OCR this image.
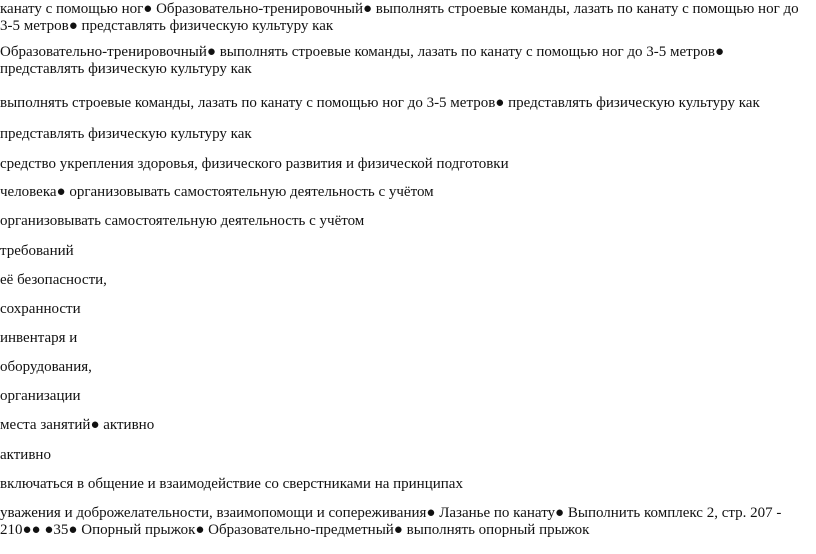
канату с помощью ног● Образовательно-тренировочный● выполнять строевые команды, лазать по канату с помощью ног до 3-5 метров● представлять физическую культуру как

Образовательно-тренировочный● выполнять строевые команды, лазать по канату с помощью ног до 3-5 метров● представлять физическую культуру как

выполнять строевые команды, лазать по канату с помощью ног до 3-5 метров● представлять физическую культуру как

представлять физическую культуру как

средство укрепления здоровья, физического развития и физической подготовки

человека● организовывать самостоятельную деятельность с учётом

организовывать самостоятельную деятельность с учётом

требований

её безопасности,

сохранности

инвентаря и

оборудования,

организации

места занятий● активно

активно

включаться в общение и взаимодействие со сверстниками на принципах

уважения и доброжелательности, взаимопомощи и сопереживания● Лазанье по канату● Выполнить комплекс 2, стр. 207 - 210●● ●35● Опорный прыжок● Образовательно-предметный● выполнять опорный прыжок
